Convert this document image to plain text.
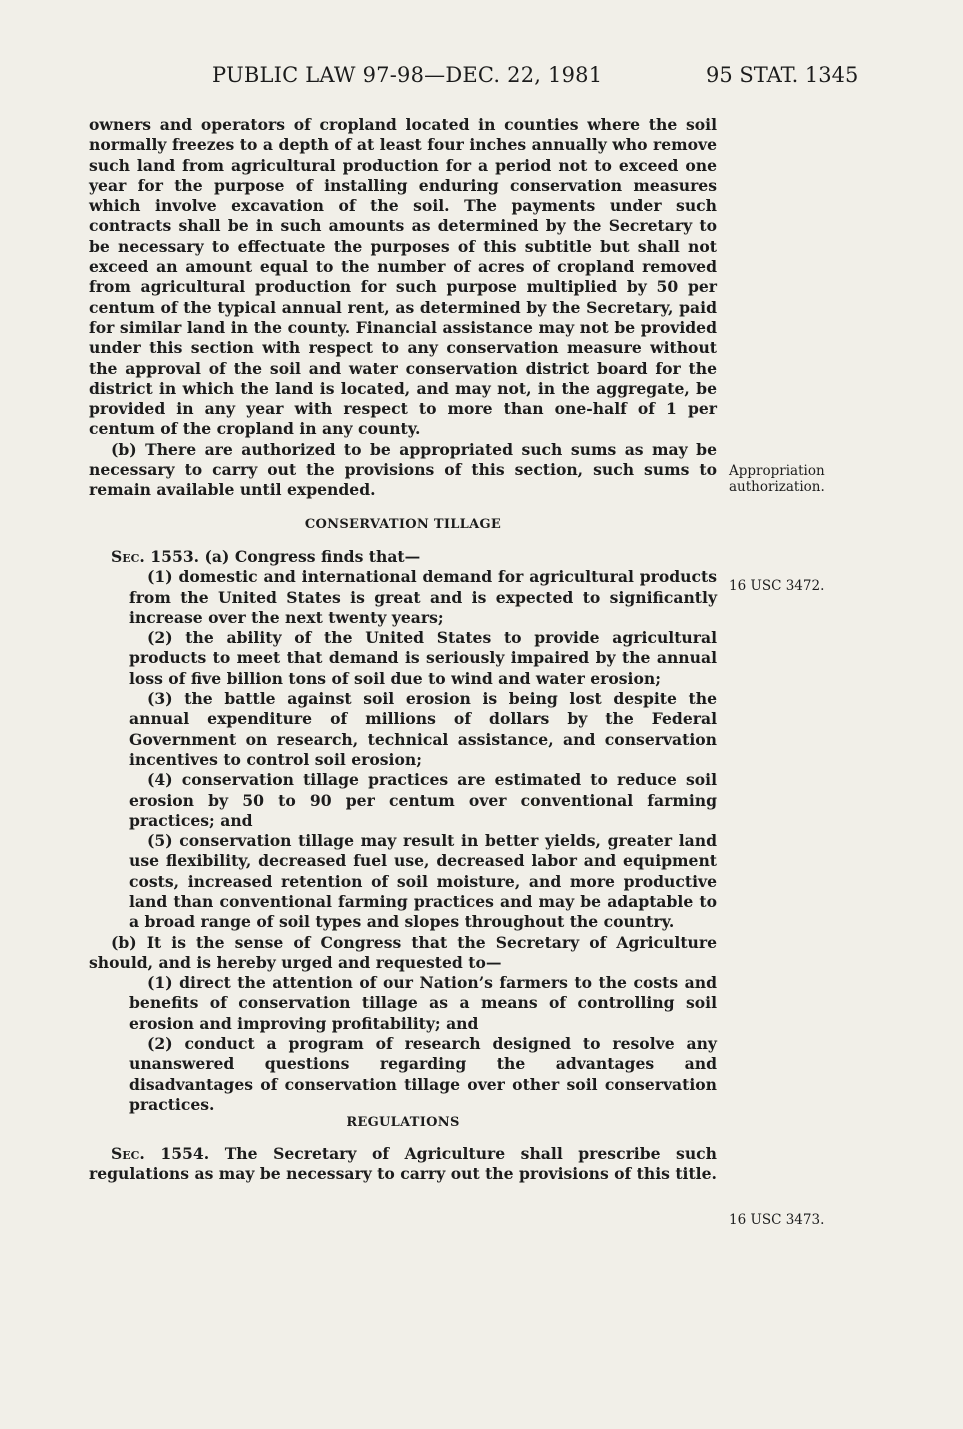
PUBLIC LAW 97-98—DEC. 22, 1981	95 STAT. 1345

owners and operators of cropland located in counties where the soil normally freezes to a depth of at least four inches annually who remove such land from agricultural production for a period not to exceed one year for the purpose of installing enduring conservation measures which involve excavation of the soil. The payments under such contracts shall be in such amounts as determined by the Secretary to be necessary to effectuate the purposes of this subtitle but shall not exceed an amount equal to the number of acres of cropland removed from agricultural production for such purpose multiplied by 50 per centum of the typical annual rent, as determined by the Secretary, paid for similar land in the county. Financial assistance may not be provided under this section with respect to any conservation measure without the approval of the soil and water conservation district board for the district in which the land is located, and may not, in the aggregate, be provided in any year with respect to more than one-half of 1 per centum of the cropland in any county.

(b) There are authorized to be appropriated such sums as may be necessary to carry out the provisions of this section, such sums to remain available until expended.

CONSERVATION TILLAGE

Sec. 1553. (a) Congress finds that—

(1) domestic and international demand for agricultural products from the United States is great and is expected to significantly increase over the next twenty years;

(2) the ability of the United States to provide agricultural products to meet that demand is seriously impaired by the annual loss of five billion tons of soil due to wind and water erosion;

(3) the battle against soil erosion is being lost despite the annual expenditure of millions of dollars by the Federal Government on research, technical assistance, and conservation incentives to control soil erosion;

(4) conservation tillage practices are estimated to reduce soil erosion by 50 to 90 per centum over conventional farming practices; and

(5) conservation tillage may result in better yields, greater land use flexibility, decreased fuel use, decreased labor and equipment costs, increased retention of soil moisture, and more productive land than conventional farming practices and may be adaptable to a broad range of soil types and slopes throughout the country.

(b) It is the sense of Congress that the Secretary of Agriculture should, and is hereby urged and requested to—

(1) direct the attention of our Nation’s farmers to the costs and benefits of conservation tillage as a means of controlling soil erosion and improving profitability; and

(2) conduct a program of research designed to resolve any unanswered questions regarding the advantages and disadvantages of conservation tillage over other soil conservation practices.

REGULATIONS

Sec. 1554. The Secretary of Agriculture shall prescribe such regulations as may be necessary to carry out the provisions of this title.

Appropriation authorization.
16 USC 3472.
16 USC 3473.
